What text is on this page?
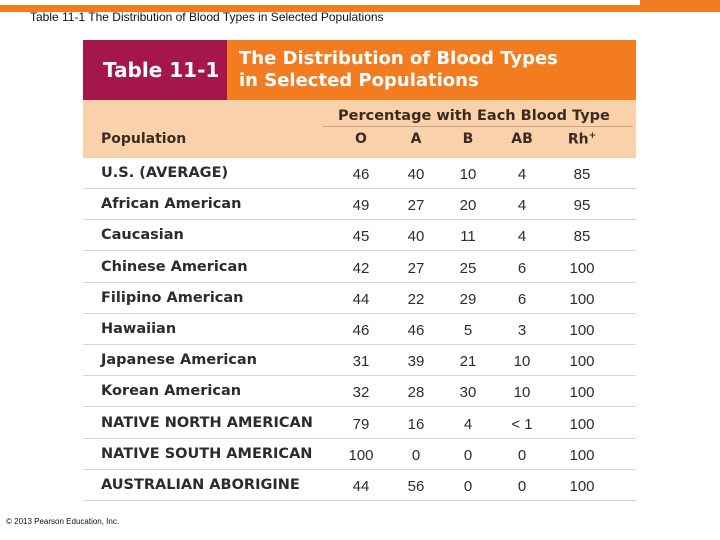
Table 11-1 The Distribution of Blood Types in Selected Populations
Table 11-1	The Distribution of Blood Types
in Selected Populations
Percentage with Each Blood Type
Population	O	A	B	AB	Rh+
U.S. (AVERAGE)	46	40	10	4	85
African American	49	27	20	4	95
Caucasian	45	40	11	4	85
Chinese American	42	27	25	6	100
Filipino American	44	22	29	6	100
Hawaiian	46	46	5	3	100
Japanese American	31	39	21	10	100
Korean American	32	28	30	10	100
NATIVE NORTH AMERICAN	79	16	4	< 1	100
NATIVE SOUTH AMERICAN	100	0	0	0	100
AUSTRALIAN ABORIGINE	44	56	0	0	100
© 2013 Pearson Education, Inc.
